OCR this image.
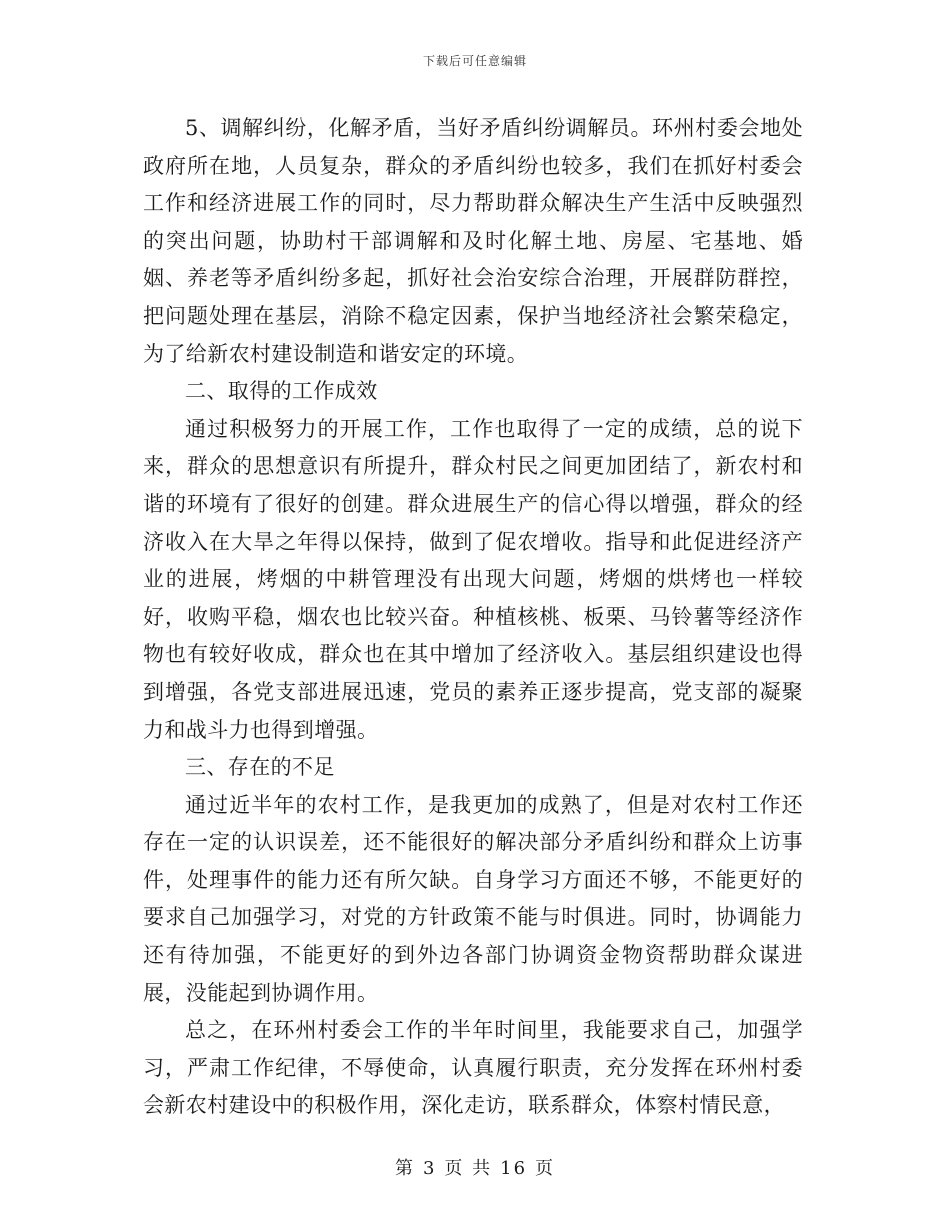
下载后可任意编辑

5、调解纠纷，化解矛盾，当好矛盾纠纷调解员。环州村委会地处政府所在地，人员复杂，群众的矛盾纠纷也较多，我们在抓好村委会工作和经济进展工作的同时，尽力帮助群众解决生产生活中反映强烈的突出问题，协助村干部调解和及时化解土地、房屋、宅基地、婚姻、养老等矛盾纠纷多起，抓好社会治安综合治理，开展群防群控，把问题处理在基层，消除不稳定因素，保护当地经济社会繁荣稳定，为了给新农村建设制造和谐安定的环境。

二、取得的工作成效

通过积极努力的开展工作，工作也取得了一定的成绩，总的说下来，群众的思想意识有所提升，群众村民之间更加团结了，新农村和谐的环境有了很好的创建。群众进展生产的信心得以增强，群众的经济收入在大旱之年得以保持，做到了促农增收。指导和此促进经济产业的进展，烤烟的中耕管理没有出现大问题，烤烟的烘烤也一样较好，收购平稳，烟农也比较兴奋。种植核桃、板栗、马铃薯等经济作物也有较好收成，群众也在其中增加了经济收入。基层组织建设也得到增强，各党支部进展迅速，党员的素养正逐步提高，党支部的凝聚力和战斗力也得到增强。

三、存在的不足

通过近半年的农村工作，是我更加的成熟了，但是对农村工作还存在一定的认识误差，还不能很好的解决部分矛盾纠纷和群众上访事件，处理事件的能力还有所欠缺。自身学习方面还不够，不能更好的要求自己加强学习，对党的方针政策不能与时俱进。同时，协调能力还有待加强，不能更好的到外边各部门协调资金物资帮助群众谋进展，没能起到协调作用。

总之，在环州村委会工作的半年时间里，我能要求自己，加强学习，严肃工作纪律，不辱使命，认真履行职责，充分发挥在环州村委会新农村建设中的积极作用，深化走访，联系群众，体察村情民意，

第 3 页 共 16 页
